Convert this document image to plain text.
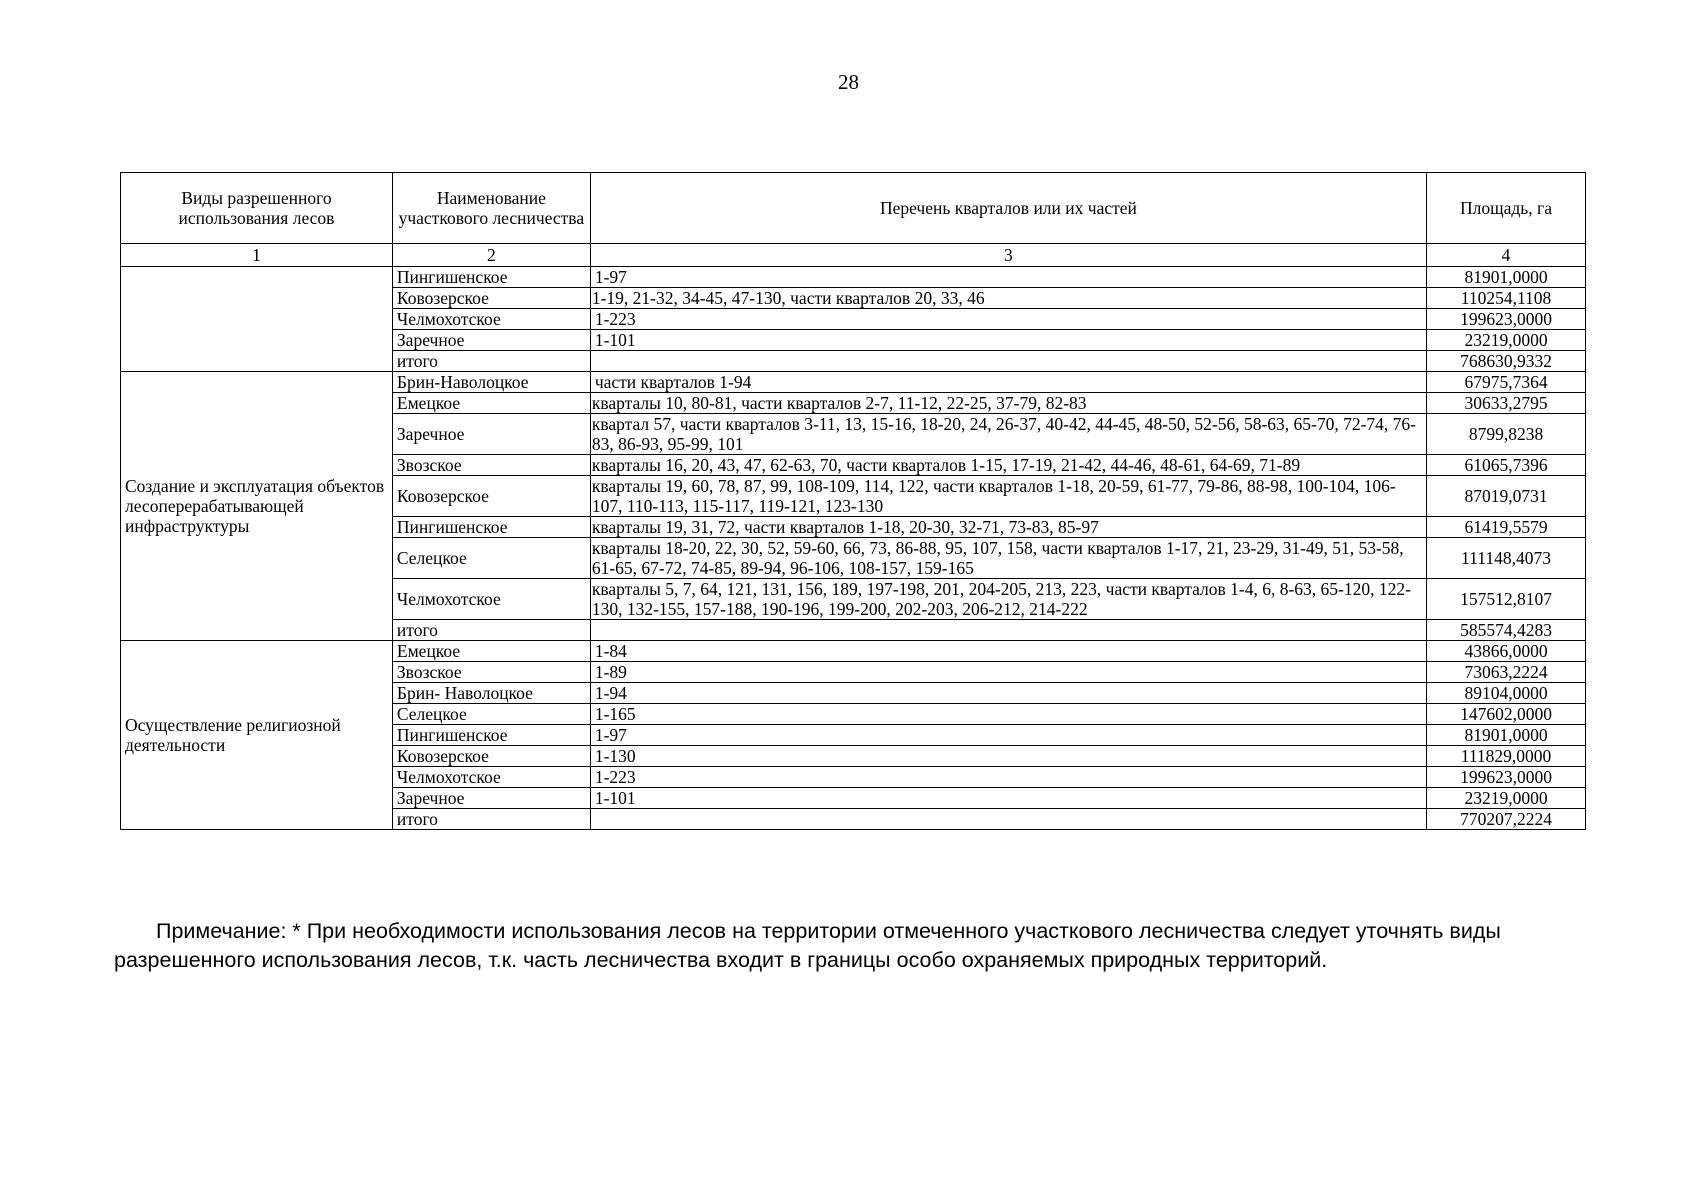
28
Виды разрешенного использования лесов	Наименование участкового лесничества	Перечень кварталов или их частей	Площадь, га
1	2	3	4
	Пингишенское	1-97	81901,0000
	Ковозерское	1-19, 21-32, 34-45, 47-130, части кварталов 20, 33, 46	110254,1108
	Челмохотское	1-223	199623,0000
	Заречное	1-101	23219,0000
	итого		768630,9332
Создание и эксплуатация объектов лесоперерабатывающей инфраструктуры	Брин-Наволоцкое	части кварталов 1-94	67975,7364
	Емецкое	кварталы 10, 80-81, части кварталов 2-7, 11-12, 22-25, 37-79, 82-83	30633,2795
	Заречное	квартал 57, части кварталов 3-11, 13, 15-16, 18-20, 24, 26-37, 40-42, 44-45, 48-50, 52-56, 58-63, 65-70, 72-74, 76-83, 86-93, 95-99, 101	8799,8238
	Звозское	кварталы 16, 20, 43, 47, 62-63, 70, части кварталов 1-15, 17-19, 21-42, 44-46, 48-61, 64-69, 71-89	61065,7396
	Ковозерское	кварталы 19, 60, 78, 87, 99, 108-109, 114, 122, части кварталов 1-18, 20-59, 61-77, 79-86, 88-98, 100-104, 106-107, 110-113, 115-117, 119-121, 123-130	87019,0731
	Пингишенское	кварталы 19, 31, 72, части кварталов 1-18, 20-30, 32-71, 73-83, 85-97	61419,5579
	Селецкое	кварталы 18-20, 22, 30, 52, 59-60, 66, 73, 86-88, 95, 107, 158, части кварталов 1-17, 21, 23-29, 31-49, 51, 53-58, 61-65, 67-72, 74-85, 89-94, 96-106, 108-157, 159-165	111148,4073
	Челмохотское	кварталы 5, 7, 64, 121, 131, 156, 189, 197-198, 201, 204-205, 213, 223, части кварталов 1-4, 6, 8-63, 65-120, 122-130, 132-155, 157-188, 190-196, 199-200, 202-203, 206-212, 214-222	157512,8107
	итого		585574,4283
Осуществление религиозной деятельности	Емецкое	1-84	43866,0000
	Звозское	1-89	73063,2224
	Брин- Наволоцкое	1-94	89104,0000
	Селецкое	1-165	147602,0000
	Пингишенское	1-97	81901,0000
	Ковозерское	1-130	111829,0000
	Челмохотское	1-223	199623,0000
	Заречное	1-101	23219,0000
	итого		770207,2224
Примечание: * При необходимости использования лесов на территории отмеченного участкового лесничества следует уточнять виды разрешенного использования лесов, т.к. часть лесничества входит в границы особо охраняемых природных территорий.
